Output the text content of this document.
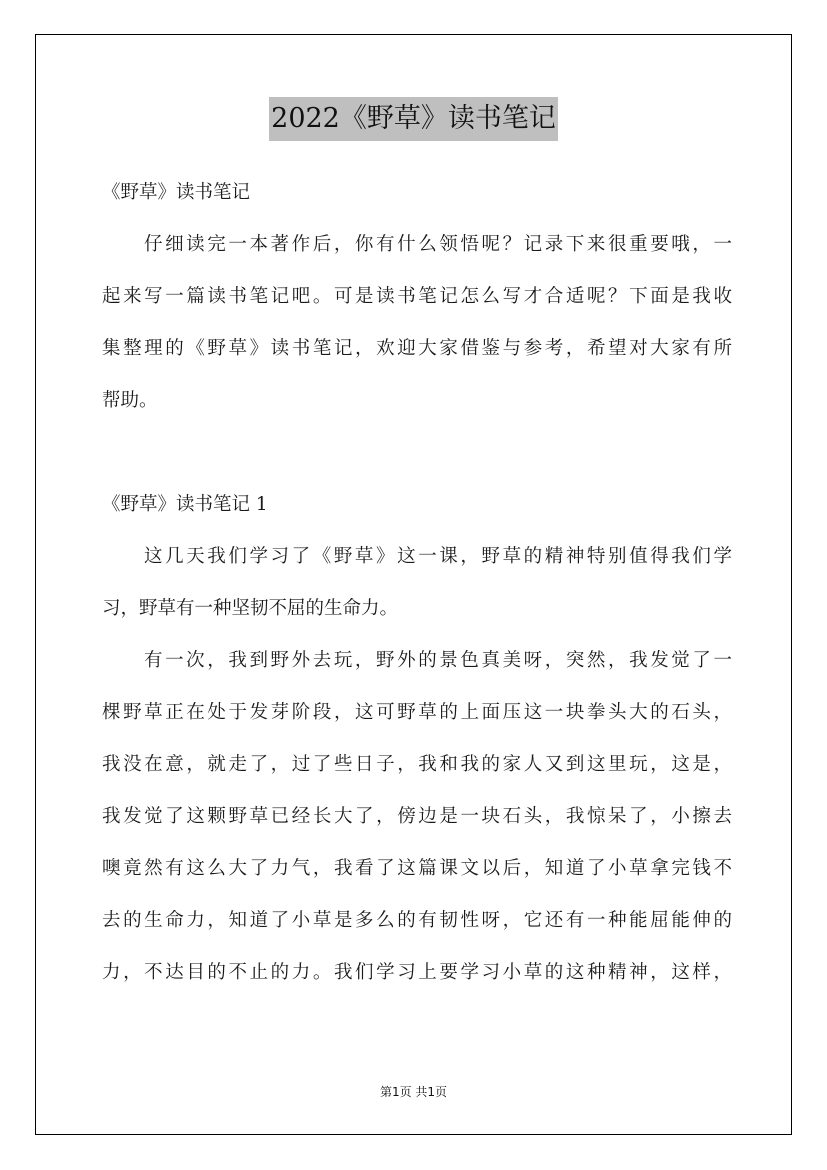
2022《野草》读书笔记
《野草》读书笔记
仔细读完一本著作后，你有什么领悟呢？记录下来很重要哦，一
起来写一篇读书笔记吧。可是读书笔记怎么写才合适呢？下面是我收
集整理的《野草》读书笔记，欢迎大家借鉴与参考，希望对大家有所
帮助。
《野草》读书笔记 1
这几天我们学习了《野草》这一课，野草的精神特别值得我们学
习，野草有一种坚韧不屈的生命力。
有一次，我到野外去玩，野外的景色真美呀，突然，我发觉了一
棵野草正在处于发芽阶段，这可野草的上面压这一块拳头大的石头，
我没在意，就走了，过了些日子，我和我的家人又到这里玩，这是，
我发觉了这颗野草已经长大了，傍边是一块石头，我惊呆了，小擦去
噢竟然有这么大了力气，我看了这篇课文以后，知道了小草拿完钱不
去的生命力，知道了小草是多么的有韧性呀，它还有一种能屈能伸的
力，不达目的不止的力。我们学习上要学习小草的这种精神，这样，
第1页 共1页
